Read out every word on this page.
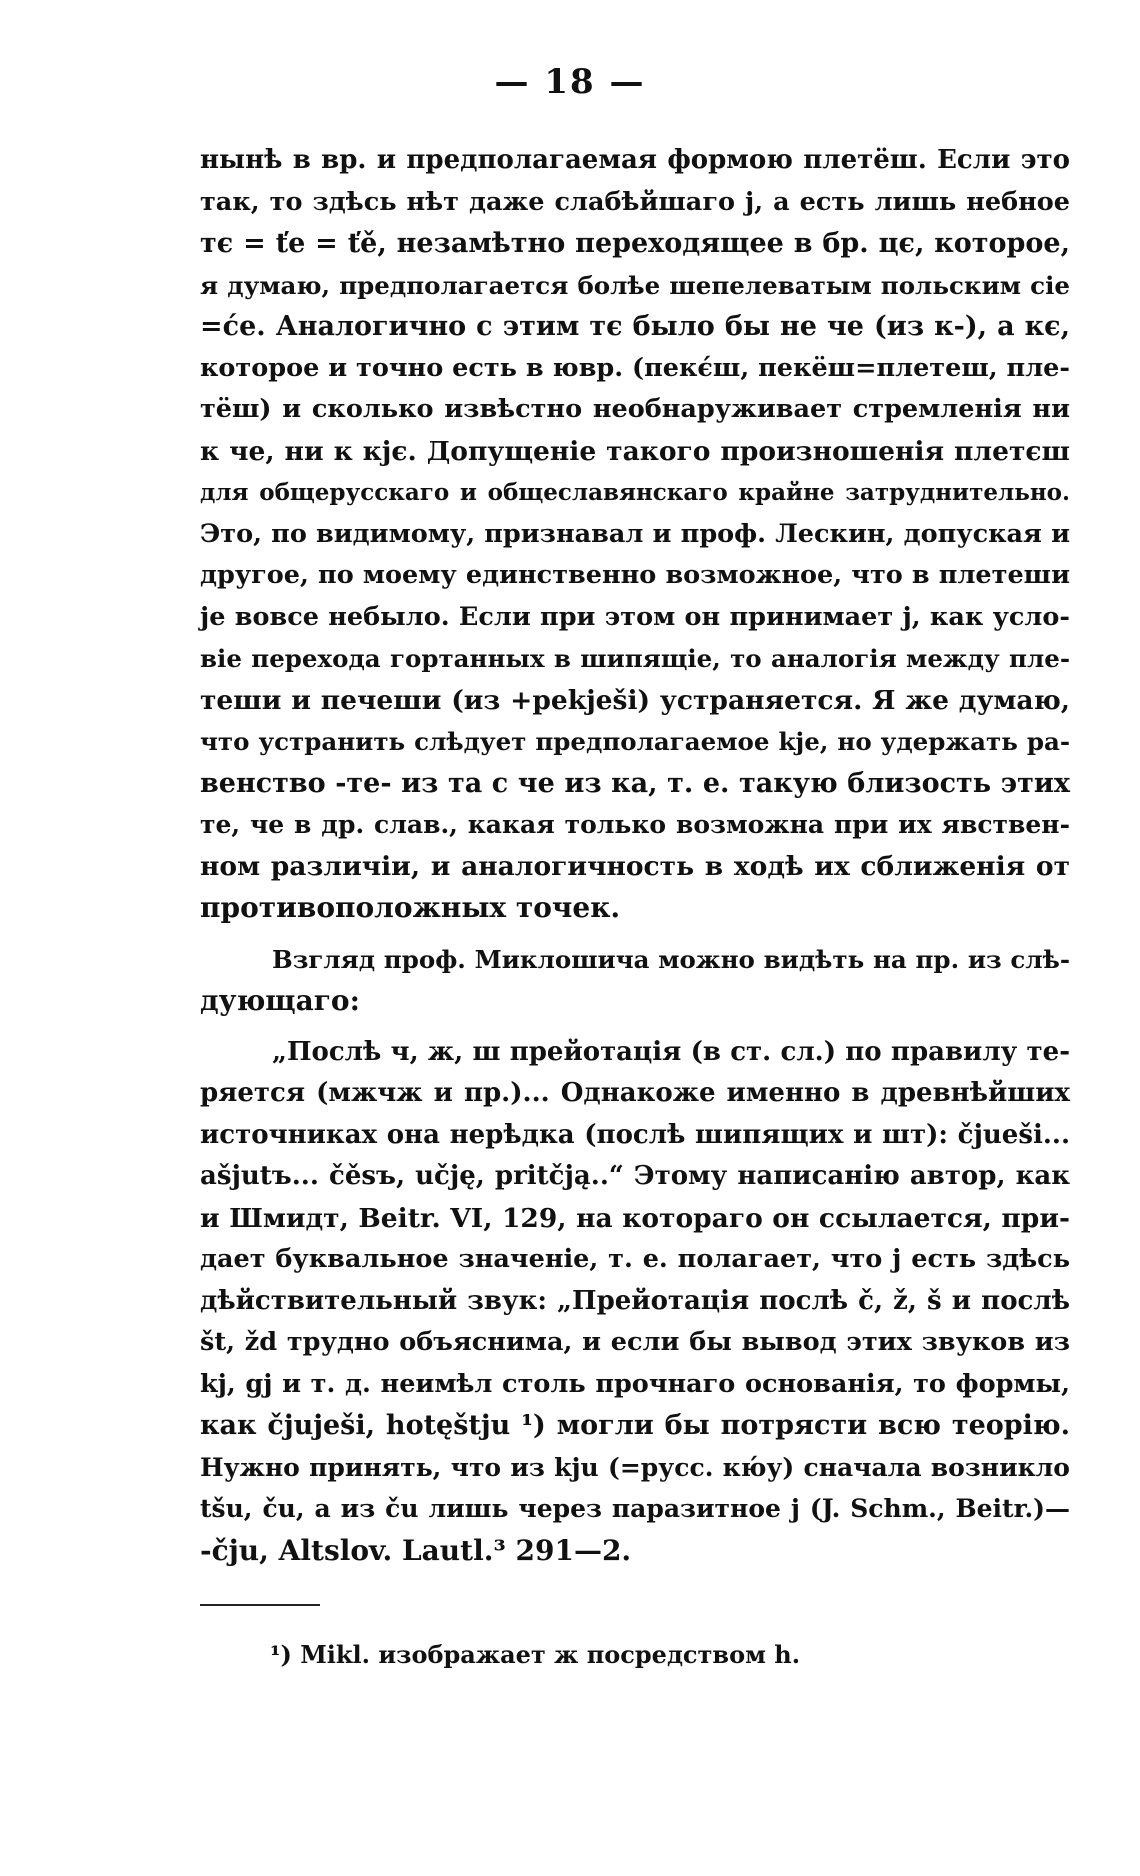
— 18 —
нынѣ в вр. и предполагаемая формою плетёш. Если это
так, то здѣсь нѣт даже слабѣйшаго j, а есть лишь небное
тє = ťe = ťě, незамѣтно переходящее в бр. цє, которое,
я думаю, предполагается болѣе шепелеватым польским cie
=će. Аналогично с этим тє было бы не че (из к-), а кє,
которое и точно есть в ювр. (пекє́ш, пекёш=плетеш, пле-
тёш) и сколько извѣстно необнаруживает стремленія ни
к че, ни к кjє. Допущеніе такого произношенія плетєш
для общерусскаго и общеславянскаго крайне затруднительно.
Это, по видимому, признавал и проф. Лескин, допуская и
другое, по моему единственно возможное, что в плетеши
je вовсе небыло. Если при этом он принимает j, как усло-
віе перехода гортанных в шипящіе, то аналогія между пле-
теши и печеши (из +pekješi) устраняется. Я же думаю,
что устранить слѣдует предполагаемое kje, но удержать ра-
венство -те- из та с че из ка, т. е. такую близость этих
те, че в др. слав., какая только возможна при их явствен-
ном различіи, и аналогичность в ходѣ их сближенія от
противоположных точек.
Взгляд проф. Миклошича можно видѣть на пр. из слѣ-
дующаго:
„Послѣ ч, ж, ш прейотація (в ст. сл.) по правилу те-
ряется (мжчж и пр.)... Однакоже именно в древнѣйших
источниках она нерѣдка (послѣ шипящих и шт): čjueši...
ašjutъ... čěsъ, učję, pritčją..“ Этому написанію автор, как
и Шмидт, Beitr. VI, 129, на котораго он ссылается, при-
дает буквальное значеніе, т. е. полагает, что j есть здѣсь
дѣйствительный звук: „Прейотація послѣ č, ž, š и послѣ
št, žd трудно объяснима, и если бы вывод этих звуков из
kj, gj и т. д. неимѣл столь прочнаго основанія, то формы,
как čjuješi, hotęštju ¹) могли бы потрясти всю теорію.
Нужно принять, что из kju (=русс. кю́у) сначала возникло
tšu, ču, а из ču лишь через паразитное j (J. Schm., Beitr.)—
-čju, Altslov. Lautl.³ 291—2.
¹) Mikl. изображает ж посредством h.
